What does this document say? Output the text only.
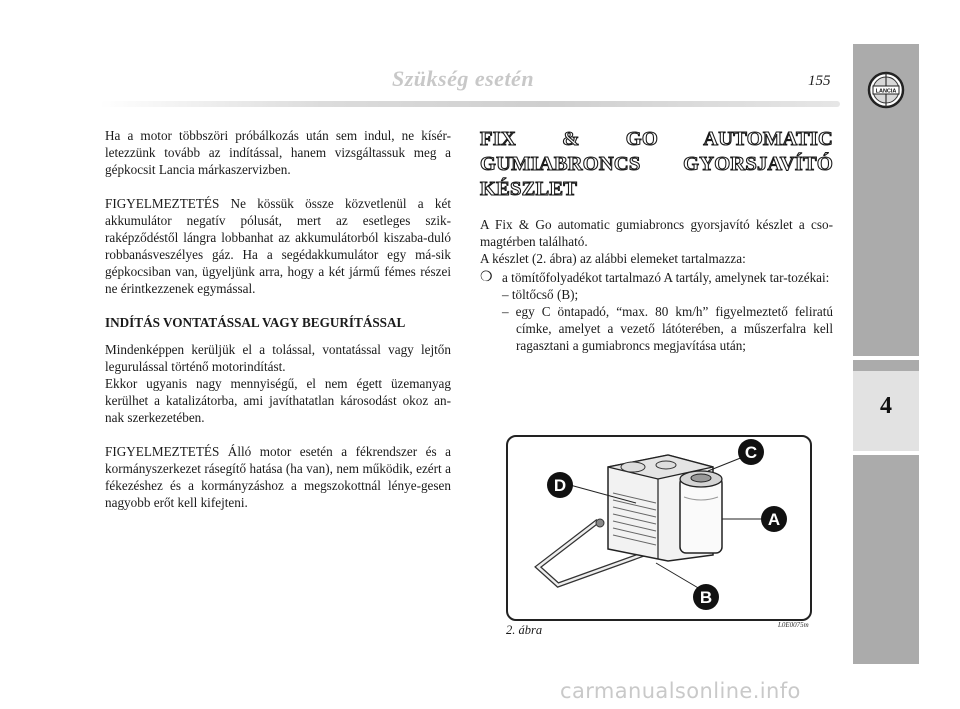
Szükség esetén	155
LANCIA
4

Ha a motor többszöri próbálkozás után sem indul, ne kísér-letezzünk tovább az indítással, hanem vizsgáltassuk meg a gépkocsit Lancia márkaszervizben.

FIGYELMEZTETÉS Ne kössük össze közvetlenül a két akkumulátor negatív pólusát, mert az esetleges szik-raképződéstől lángra lobbanhat az akkumulátorból kiszaba-duló robbanásveszélyes gáz. Ha a segédakkumulátor egy má-sik gépkocsiban van, ügyeljünk arra, hogy a két jármű fémes részei ne érintkezzenek egymással.

INDÍTÁS VONTATÁSSAL VAGY BEGURÍTÁSSAL

Mindenképpen kerüljük el a tolással, vontatással vagy lejtőn legurulással történő motorindítást.

Ekkor ugyanis nagy mennyiségű, el nem égett üzemanyag kerülhet a katalizátorba, ami javíthatatlan károsodást okoz an-nak szerkezetében.

FIGYELMEZTETÉS Álló motor esetén a fékrendszer és a kormányszerkezet rásegítő hatása (ha van), nem működik, ezért a fékezéshez és a kormányzáshoz a megszokottnál lénye-gesen nagyobb erőt kell kifejteni.

FIX & GO AUTOMATIC GUMIABRONCS GYORSJAVÍTÓ KÉSZLET

A Fix & Go automatic gumiabroncs gyorsjavító készlet a cso-magtérben található.

A készlet (2. ábra) az alábbi elemeket tartalmazza:

❍ a tömítőfolyadékot tartalmazó A tartály, amelynek tar-tozékai:
– töltőcső (B);
– egy C öntapadó, “max. 80 km/h” figyelmeztető feliratú címke, amelyet a vezető látóterében, a műszerfalra kell ragasztani a gumiabroncs megjavítása után;
D
C
A
B
2. ábra	L0E0075m
carmanualsonline.info
